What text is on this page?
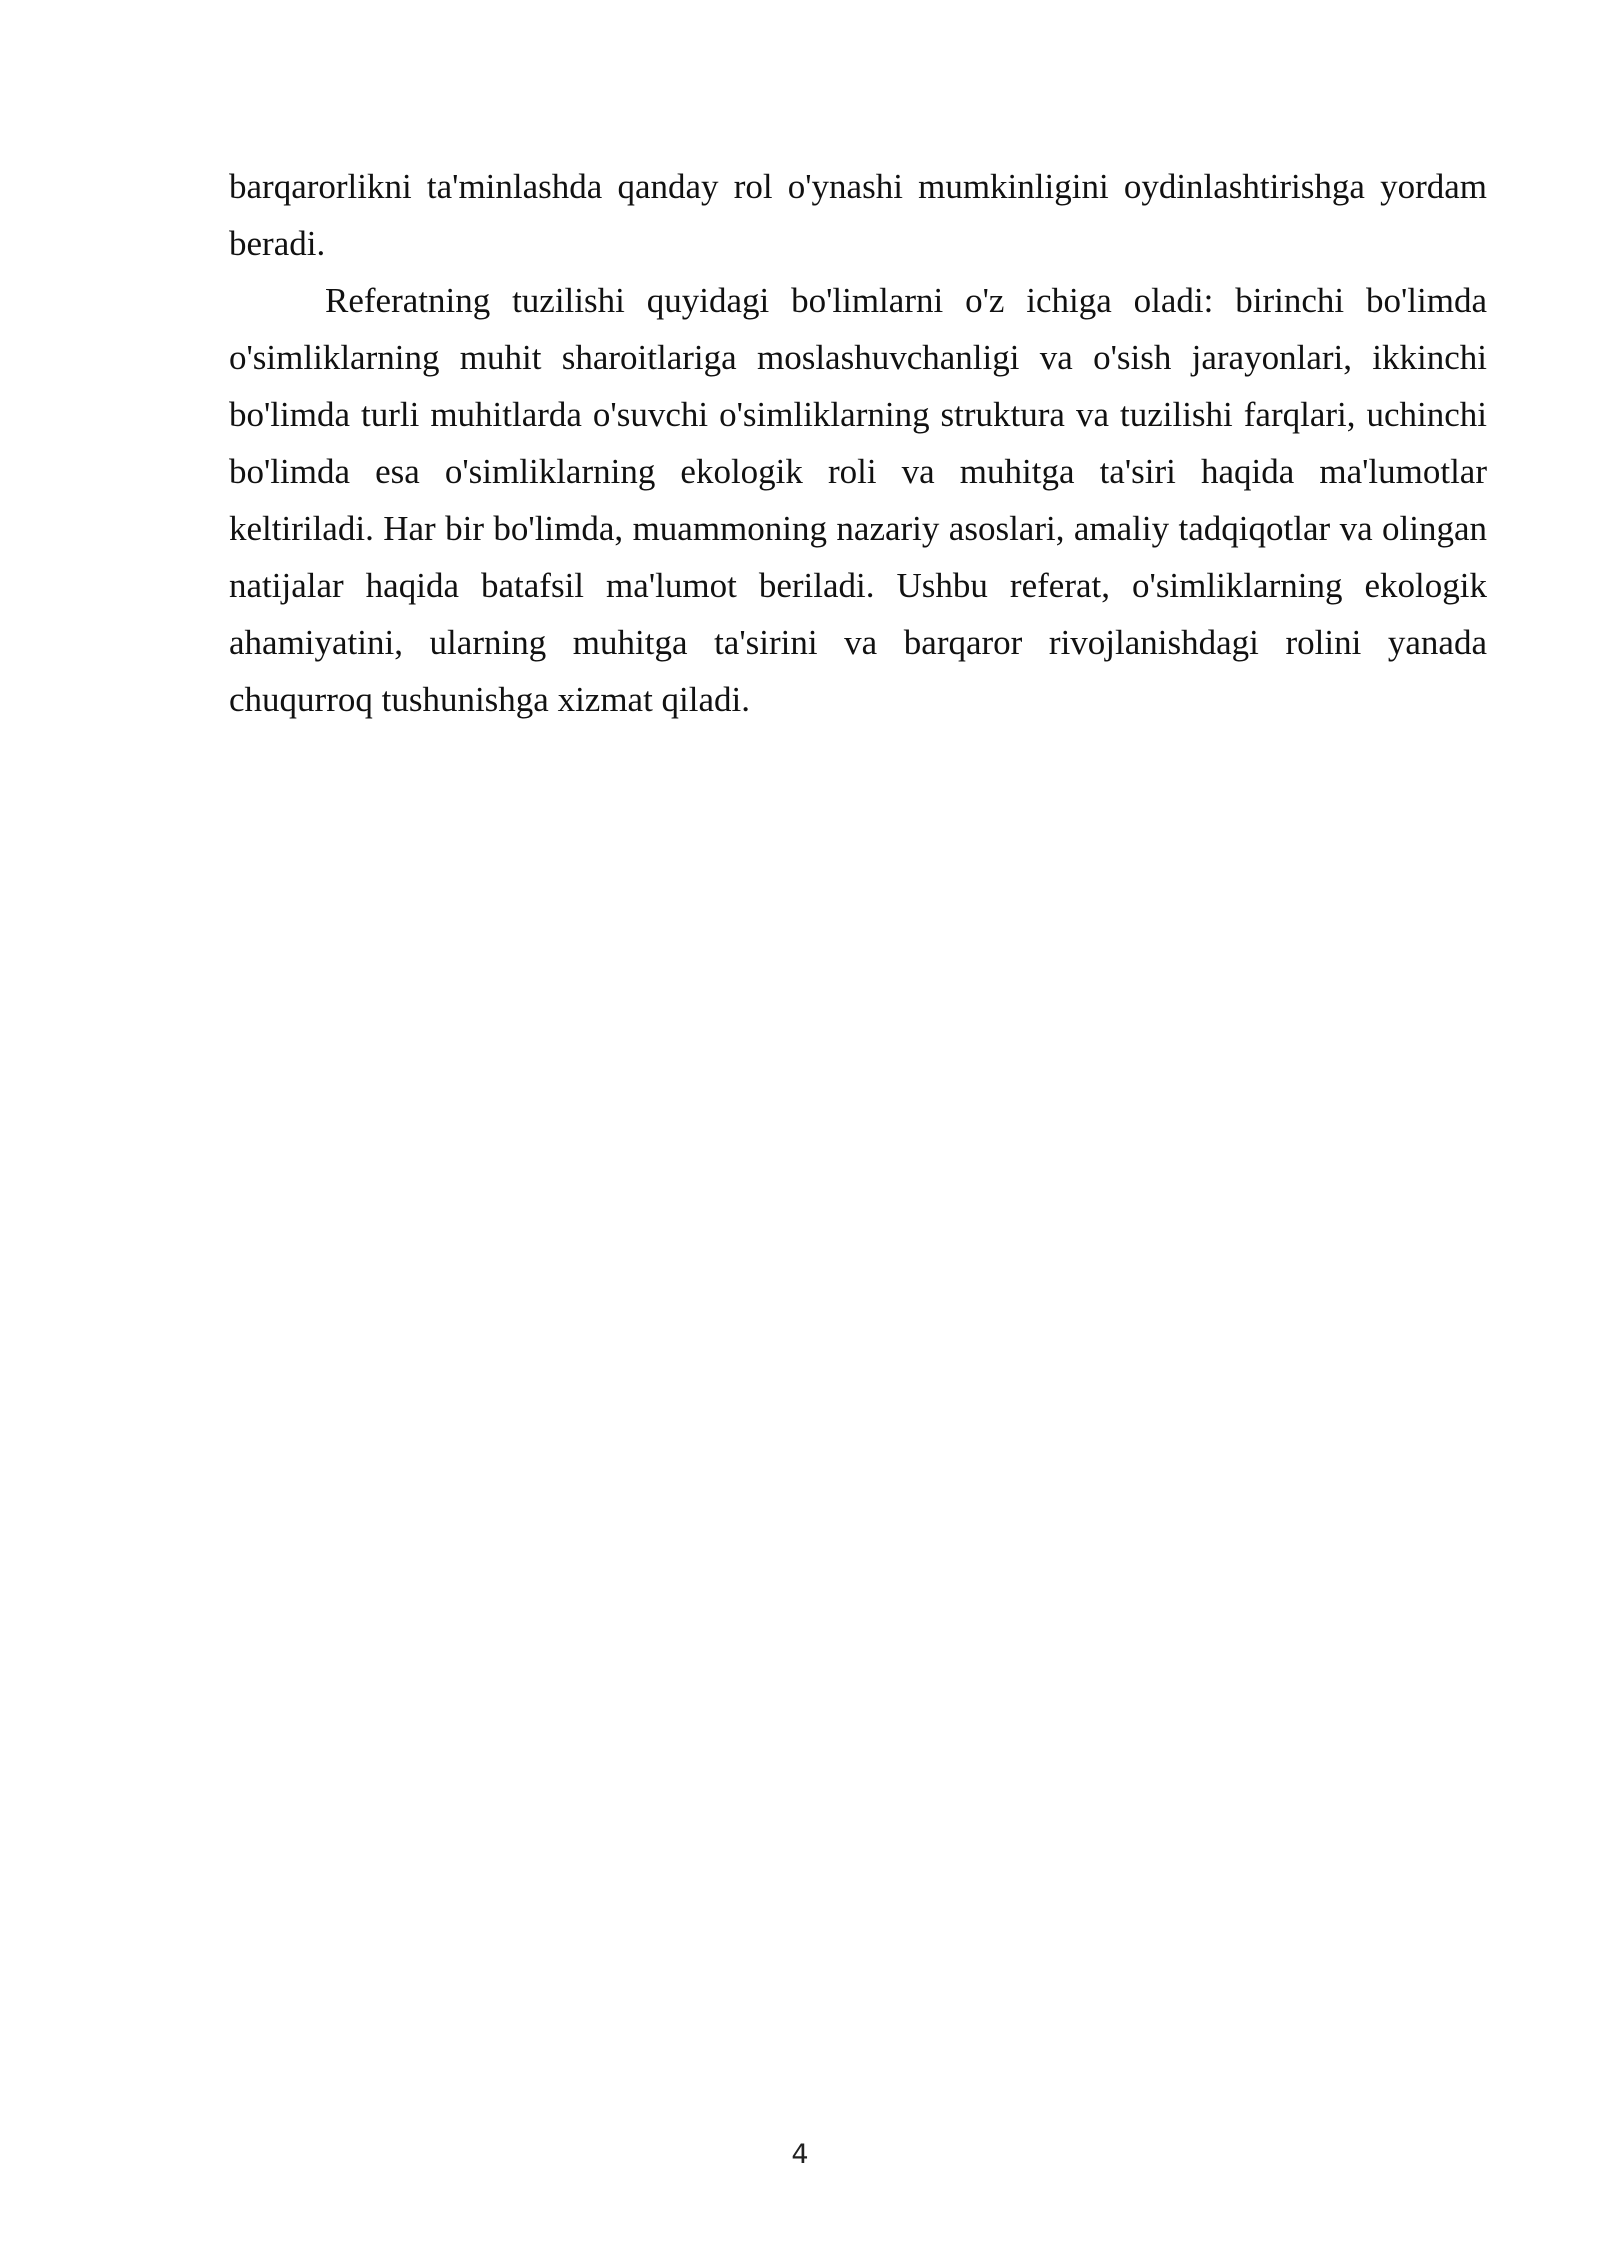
barqarorlikni ta'minlashda qanday rol o'ynashi mumkinligini oydinlashtirishga yordam beradi.

Referatning tuzilishi quyidagi bo'limlarni o'z ichiga oladi: birinchi bo'limda o'simliklarning muhit sharoitlariga moslashuvchanligi va o'sish jarayonlari, ikkinchi bo'limda turli muhitlarda o'suvchi o'simliklarning struktura va tuzilishi farqlari, uchinchi bo'limda esa o'simliklarning ekologik roli va muhitga ta'siri haqida ma'lumotlar keltiriladi. Har bir bo'limda, muammoning nazariy asoslari, amaliy tadqiqotlar va olingan natijalar haqida batafsil ma'lumot beriladi. Ushbu referat, o'simliklarning ekologik ahamiyatini, ularning muhitga ta'sirini va barqaror rivojlanishdagi rolini yanada chuqurroq tushunishga xizmat qiladi.

4
